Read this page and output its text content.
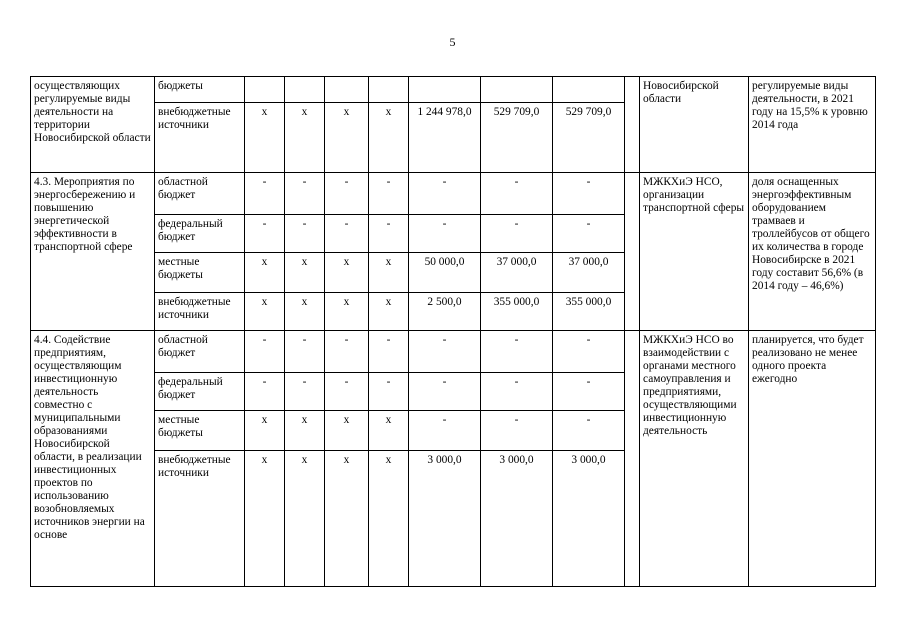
5
осуществляющих регулируемые виды деятельности на территории Новосибирской области	бюджеты									Новосибирской области	регулируемые виды деятельности, в 2021 году на 15,5% к уровню 2014 года
	внебюджетные источники	x	x	x	x	1 244 978,0	529 709,0	529 709,0			
4.3. Мероприятия по энергосбережению и повышению энергетической эффективности в транспортной сфере	областной бюджет	-	-	-	-	-	-	-		МЖКХиЭ НСО, организации транспортной сферы	доля оснащенных энергоэффективным оборудованием трамваев и троллейбусов от общего их количества в городе Новосибирске в 2021 году составит 56,6% (в 2014 году – 46,6%)
	федеральный бюджет	-	-	-	-	-	-	-			
	местные бюджеты	x	x	x	x	50 000,0	37 000,0	37 000,0			
	внебюджетные источники	x	x	x	x	2 500,0	355 000,0	355 000,0			
4.4. Содействие предприятиям, осуществляющим инвестиционную деятельность совместно с муниципальными образованиями Новосибирской области, в реализации инвестиционных проектов по использованию возобновляемых источников энергии на основе	областной бюджет	-	-	-	-	-	-	-		МЖКХиЭ НСО во взаимодействии с органами местного самоуправления и предприятиями, осуществляющими инвестиционную деятельность	планируется, что будет реализовано не менее одного проекта ежегодно
	федеральный бюджет	-	-	-	-	-	-	-			
	местные бюджеты	x	x	x	x	-	-	-			
	внебюджетные источники	x	x	x	x	3 000,0	3 000,0	3 000,0			
